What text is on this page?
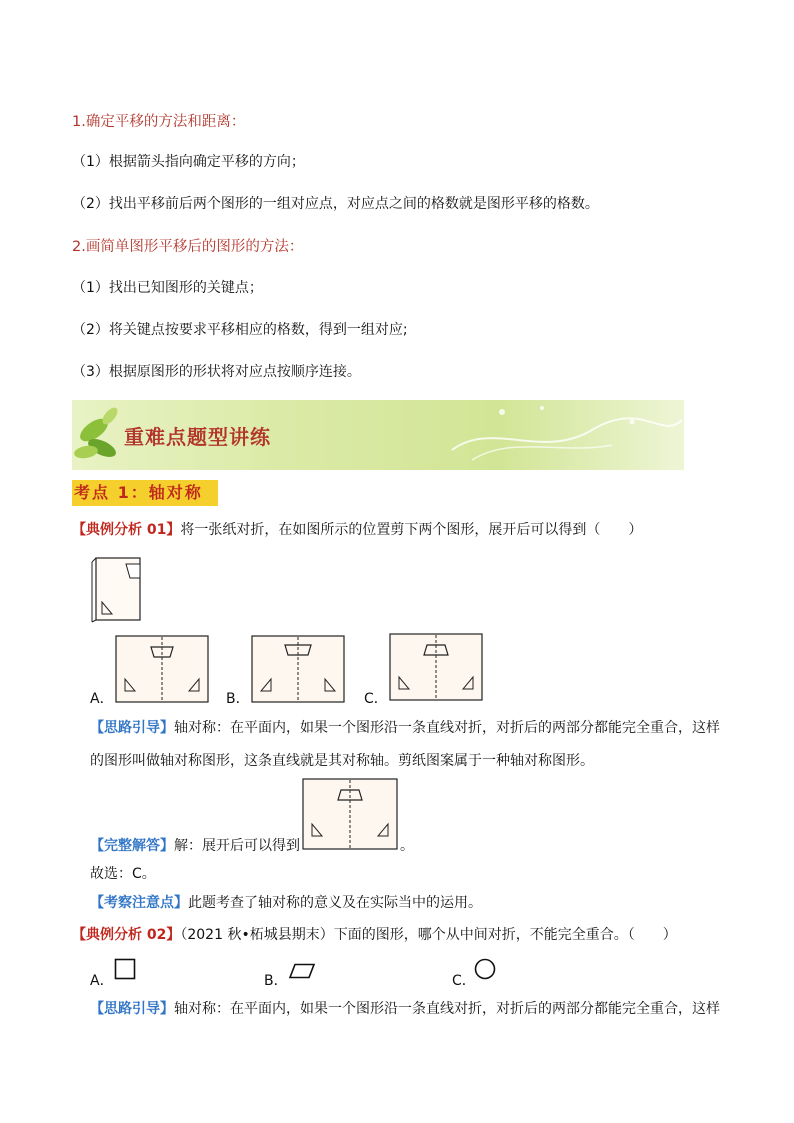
1.确定平移的方法和距离：
（1）根据箭头指向确定平移的方向；
（2）找出平移前后两个图形的一组对应点，对应点之间的格数就是图形平移的格数。
2.画简单图形平移后的图形的方法：
（1）找出已知图形的关键点；
（2）将关键点按要求平移相应的格数，得到一组对应;
（3）根据原图形的形状将对应点按顺序连接。
重难点题型讲练
考点 1：轴对称
【典例分析 01】将一张纸对折，在如图所示的位置剪下两个图形，展开后可以得到（　　）
A．	B．	C．
【思路引导】轴对称：在平面内，如果一个图形沿一条直线对折，对折后的两部分都能完全重合，这样
的图形叫做轴对称图形，这条直线就是其对称轴。剪纸图案属于一种轴对称图形。
【完整解答】解：展开后可以得到	。
故选：C。
【考察注意点】此题考查了轴对称的意义及在实际当中的运用。
【典例分析 02】（2021 秋•柘城县期末）下面的图形，哪个从中间对折，不能完全重合。（　　）
A．	B．	C．
【思路引导】轴对称：在平面内，如果一个图形沿一条直线对折，对折后的两部分都能完全重合，这样
